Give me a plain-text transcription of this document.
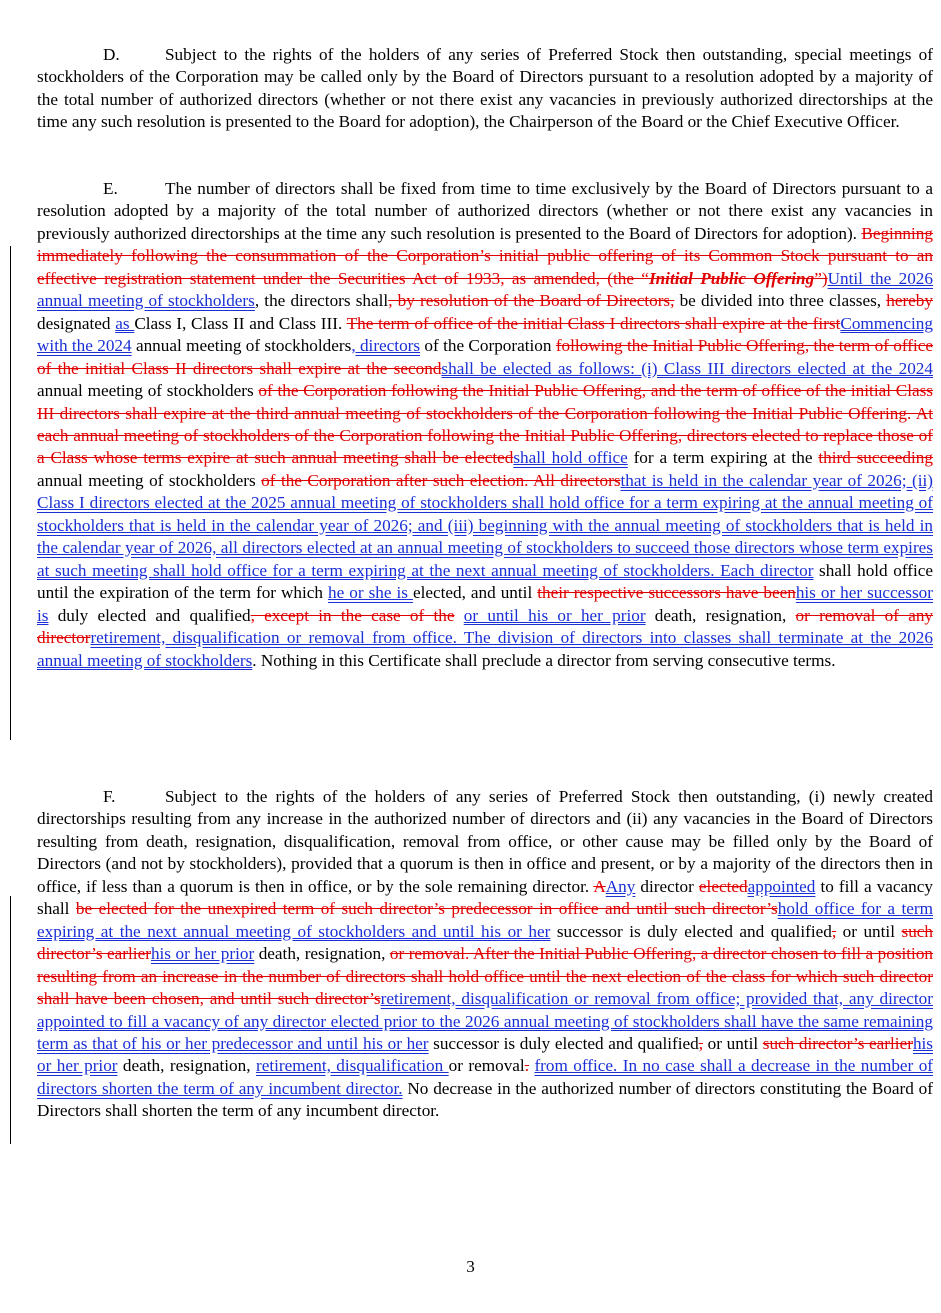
D.	Subject to the rights of the holders of any series of Preferred Stock then outstanding, special meetings of stockholders of the Corporation may be called only by the Board of Directors pursuant to a resolution adopted by a majority of the total number of authorized directors (whether or not there exist any vacancies in previously authorized directorships at the time any such resolution is presented to the Board for adoption), the Chairperson of the Board or the Chief Executive Officer.

E.	The number of directors shall be fixed from time to time exclusively by the Board of Directors pursuant to a resolution adopted by a majority of the total number of authorized directors (whether or not there exist any vacancies in previously authorized directorships at the time any such resolution is presented to the Board of Directors for adoption). Beginning immediately following the consummation of the Corporation’s initial public offering of its Common Stock pursuant to an effective registration statement under the Securities Act of 1933, as amended, (the “Initial Public Offering”)Until the 2026 annual meeting of stockholders, the directors shall, by resolution of the Board of Directors, be divided into three classes, hereby designated as Class I, Class II and Class III. The term of office of the initial Class I directors shall expire at the firstCommencing with the 2024 annual meeting of stockholders, directors of the Corporation following the Initial Public Offering, the term of office of the initial Class II directors shall expire at the secondshall be elected as follows: (i) Class III directors elected at the 2024 annual meeting of stockholders of the Corporation following the Initial Public Offering, and the term of office of the initial Class III directors shall expire at the third annual meeting of stockholders of the Corporation following the Initial Public Offering. At each annual meeting of stockholders of the Corporation following the Initial Public Offering, directors elected to replace those of a Class whose terms expire at such annual meeting shall be electedshall hold office for a term expiring at the third succeeding annual meeting of stockholders of the Corporation after such election. All directorsthat is held in the calendar year of 2026; (ii) Class I directors elected at the 2025 annual meeting of stockholders shall hold office for a term expiring at the annual meeting of stockholders that is held in the calendar year of 2026; and (iii) beginning with the annual meeting of stockholders that is held in the calendar year of 2026, all directors elected at an annual meeting of stockholders to succeed those directors whose term expires at such meeting shall hold office for a term expiring at the next annual meeting of stockholders. Each director shall hold office until the expiration of the term for which he or she is elected, and until their respective successors have beenhis or her successor is duly elected and qualified, except in the case of the or until his or her prior death, resignation, or removal of any directorretirement, disqualification or removal from office. The division of directors into classes shall terminate at the 2026 annual meeting of stockholders. Nothing in this Certificate shall preclude a director from serving consecutive terms.

F.	Subject to the rights of the holders of any series of Preferred Stock then outstanding, (i) newly created directorships resulting from any increase in the authorized number of directors and (ii) any vacancies in the Board of Directors resulting from death, resignation, disqualification, removal from office, or other cause may be filled only by the Board of Directors (and not by stockholders), provided that a quorum is then in office and present, or by a majority of the directors then in office, if less than a quorum is then in office, or by the sole remaining director. AAny director electedappointed to fill a vacancy shall be elected for the unexpired term of such director’s predecessor in office and until such director’shold office for a term expiring at the next annual meeting of stockholders and until his or her successor is duly elected and qualified, or until such director’s earlierhis or her prior death, resignation, or removal. After the Initial Public Offering, a director chosen to fill a position resulting from an increase in the number of directors shall hold office until the next election of the class for which such director shall have been chosen, and until such director’sretirement, disqualification or removal from office; provided that, any director appointed to fill a vacancy of any director elected prior to the 2026 annual meeting of stockholders shall have the same remaining term as that of his or her predecessor and until his or her successor is duly elected and qualified, or until such director’s earlierhis or her prior death, resignation, retirement, disqualification or removal. from office. In no case shall a decrease in the number of directors shorten the term of any incumbent director. No decrease in the authorized number of directors constituting the Board of Directors shall shorten the term of any incumbent director.

3
